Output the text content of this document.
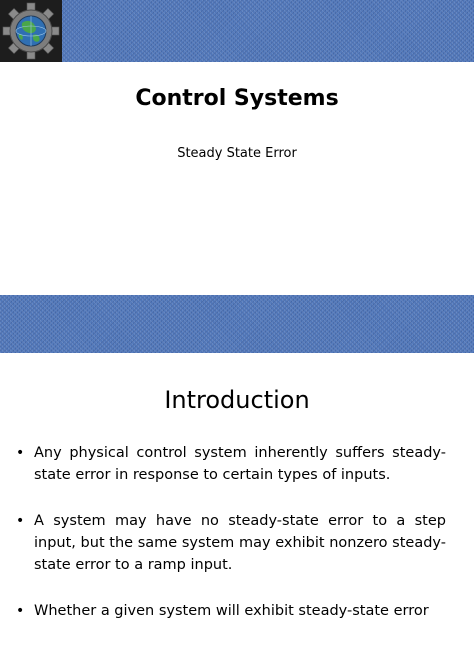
Control Systems
Steady State Error
Introduction
• Any physical control system inherently suffers steady-state error in response to certain types of inputs.
• A system may have no steady-state error to a step input, but the same system may exhibit nonzero steady-state error to a ramp input.
• Whether a given system will exhibit steady-state error
